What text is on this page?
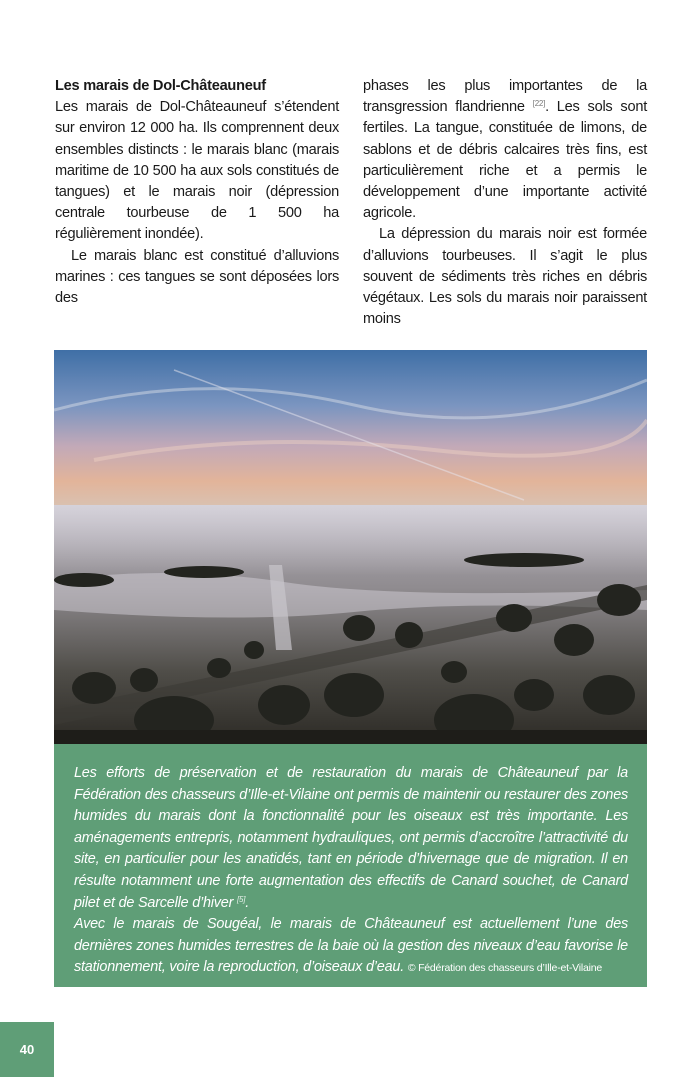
Les marais de Dol-Châteauneuf

Les marais de Dol-Châteauneuf s’étendent sur environ 12 000 ha. Ils comprennent deux ensembles distincts : le marais blanc (marais maritime de 10 500 ha aux sols constitués de tangues) et le marais noir (dépression centrale tourbeuse de 1 500 ha régulièrement inondée).

Le marais blanc est constitué d’alluvions marines : ces tangues se sont déposées lors des

phases les plus importantes de la transgression flandrienne [22]. Les sols sont fertiles. La tangue, constituée de limons, de sablons et de débris calcaires très fins, est particulièrement riche et a permis le développement d’une importante activité agricole.

La dépression du marais noir est formée d’alluvions tourbeuses. Il s’agit le plus souvent de sédiments très riches en débris végétaux. Les sols du marais noir paraissent moins

Les efforts de préservation et de restauration du marais de Châteauneuf par la Fédération des chasseurs d’Ille-et-Vilaine ont permis de maintenir ou restaurer des zones humides du marais dont la fonctionnalité pour les oiseaux est très importante. Les aménagements entrepris, notamment hydrauliques, ont permis d’accroître l’attractivité du site, en particulier pour les anatidés, tant en période d’hivernage que de migration. Il en résulte notamment une forte augmentation des effectifs de Canard souchet, de Canard pilet et de Sarcelle d’hiver [5].

Avec le marais de Sougéal, le marais de Châteauneuf est actuellement l’une des dernières zones humides terrestres de la baie où la gestion des niveaux d’eau favorise le stationnement, voire la reproduction, d’oiseaux d’eau. © Fédération des chasseurs d’Ille-et-Vilaine

40
